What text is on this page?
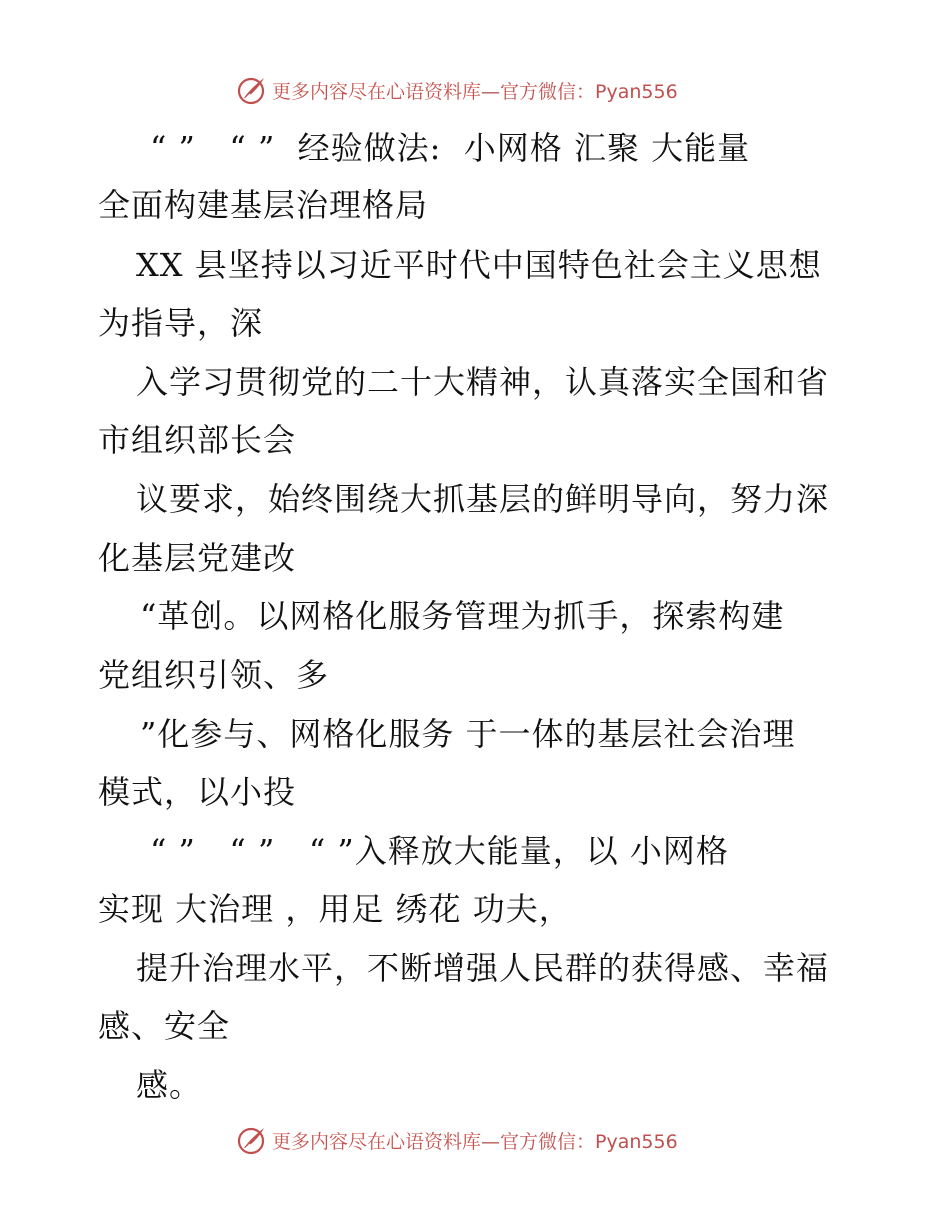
更多内容尽在心语资料库—官方微信：Pyan556
“ ”   “ ”  经验做法:  小网格 汇聚 大能量
全面构建基层治理格局
XX 县坚持以习近平时代中国特色社会主义思想
为指导，深
入学习贯彻党的二十大精神，认真落实全国和省
市组织部长会
议要求，始终围绕大抓基层的鲜明导向，努力深
化基层党建改
“革创。以网格化服务管理为抓手，探索构建
党组织引领、多
”化参与、网格化服务 于一体的基层社会治理
模式，以小投
“ ”   “ ”   “ ”入释放大能量，以 小网格
实现 大治理 ，用足 绣花 功夫，
提升治理水平，不断增强人民群的获得感、幸福
感、安全
感。
更多内容尽在心语资料库—官方微信：Pyan556
